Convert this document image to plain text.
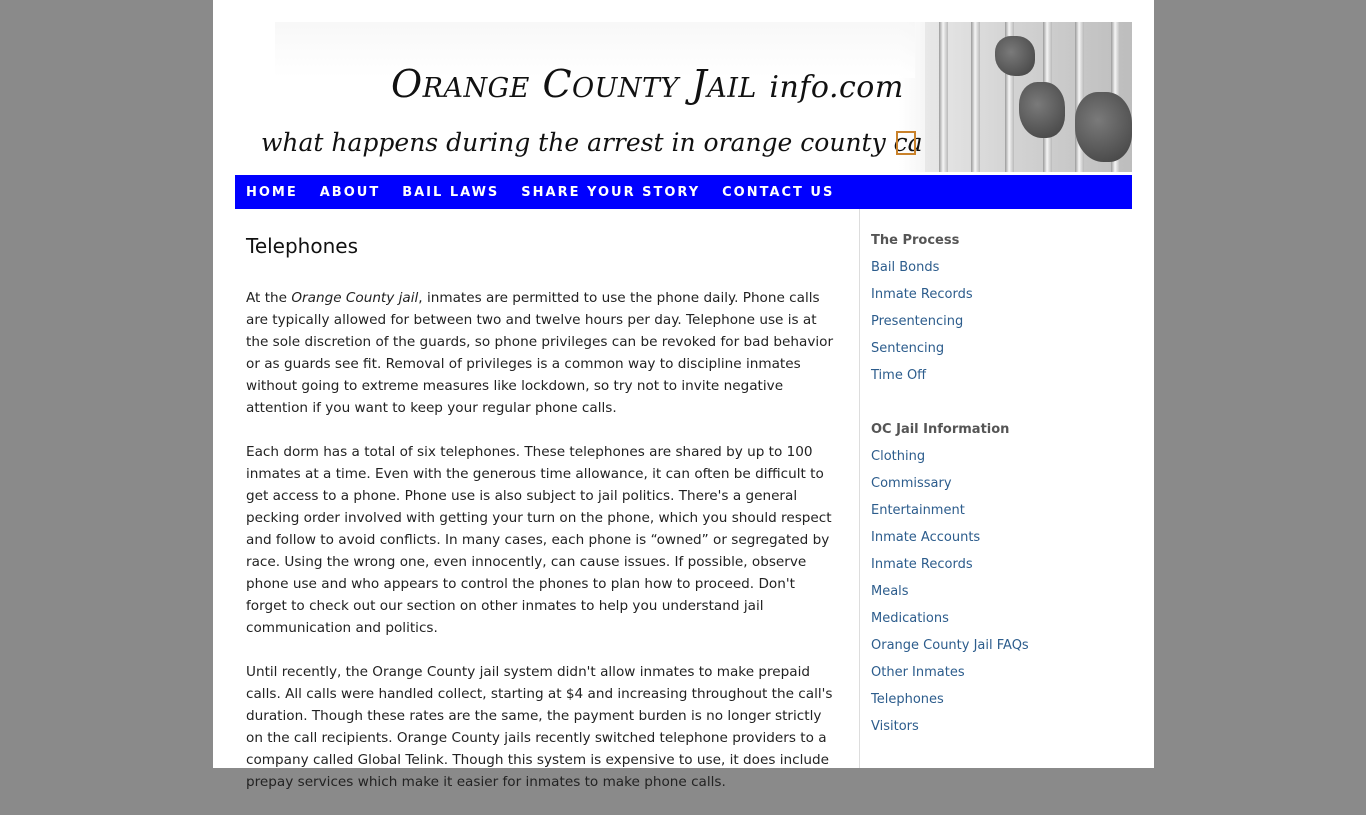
Orange County Jail info.com
what happens during the arrest in orange county ca
HOME ABOUT BAIL LAWS SHARE YOUR STORY CONTACT US
Telephones

At the Orange County jail, inmates are permitted to use the phone daily. Phone calls are typically allowed for between two and twelve hours per day. Telephone use is at the sole discretion of the guards, so phone privileges can be revoked for bad behavior or as guards see fit. Removal of privileges is a common way to discipline inmates without going to extreme measures like lockdown, so try not to invite negative attention if you want to keep your regular phone calls.

Each dorm has a total of six telephones. These telephones are shared by up to 100 inmates at a time. Even with the generous time allowance, it can often be difficult to get access to a phone. Phone use is also subject to jail politics. There's a general pecking order involved with getting your turn on the phone, which you should respect and follow to avoid conflicts. In many cases, each phone is “owned” or segregated by race. Using the wrong one, even innocently, can cause issues. If possible, observe phone use and who appears to control the phones to plan how to proceed. Don't forget to check out our section on other inmates to help you understand jail communication and politics.

Until recently, the Orange County jail system didn't allow inmates to make prepaid calls. All calls were handled collect, starting at $4 and increasing throughout the call's duration. Though these rates are the same, the payment burden is no longer strictly on the call recipients. Orange County jails recently switched telephone providers to a company called Global Telink. Though this system is expensive to use, it does include prepay services which make it easier for inmates to make phone calls.

The Process
Bail Bonds
Inmate Records
Presentencing
Sentencing
Time Off
OC Jail Information
Clothing
Commissary
Entertainment
Inmate Accounts
Inmate Records
Meals
Medications
Orange County Jail FAQs
Other Inmates
Telephones
Visitors
